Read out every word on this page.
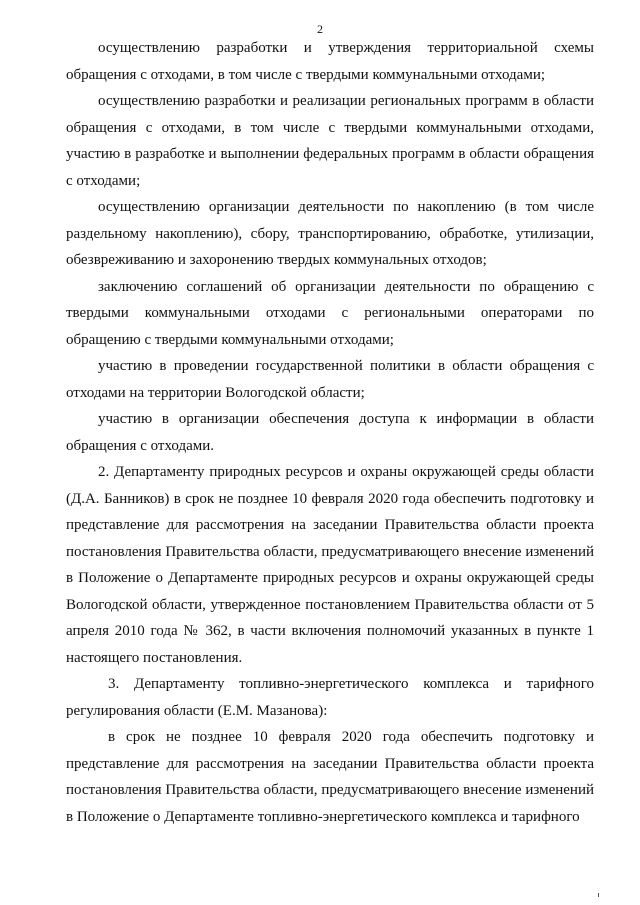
2

осуществлению разработки и утверждения территориальной схемы обращения с отходами, в том числе с твердыми коммунальными отходами;

осуществлению разработки и реализации региональных программ в области обращения с отходами, в том числе с твердыми коммунальными отходами, участию в разработке и выполнении федеральных программ в области обращения с отходами;

осуществлению организации деятельности по накоплению (в том числе раздельному накоплению), сбору, транспортированию, обработке, утилизации, обезвреживанию и захоронению твердых коммунальных отходов;

заключению соглашений об организации деятельности по обращению с твердыми коммунальными отходами с региональными операторами по обращению с твердыми коммунальными отходами;

участию в проведении государственной политики в области обращения с отходами на территории Вологодской области;

участию в организации обеспечения доступа к информации в области обращения с отходами.

2. Департаменту природных ресурсов и охраны окружающей среды области (Д.А. Банников) в срок не позднее 10 февраля 2020 года обеспечить подготовку и представление для рассмотрения на заседании Правительства области проекта постановления Правительства области, предусматривающего внесение изменений в Положение о Департаменте природных ресурсов и охраны окружающей среды Вологодской области, утвержденное постановлением Правительства области от 5 апреля 2010 года № 362, в части включения полномочий указанных в пункте 1 настоящего постановления.

3. Департаменту топливно-энергетического комплекса и тарифного регулирования области (Е.М. Мазанова):

в срок не позднее 10 февраля 2020 года обеспечить подготовку и представление для рассмотрения на заседании Правительства области проекта постановления Правительства области, предусматривающего внесение изменений в Положение о Департаменте топливно-энергетического комплекса и тарифного
